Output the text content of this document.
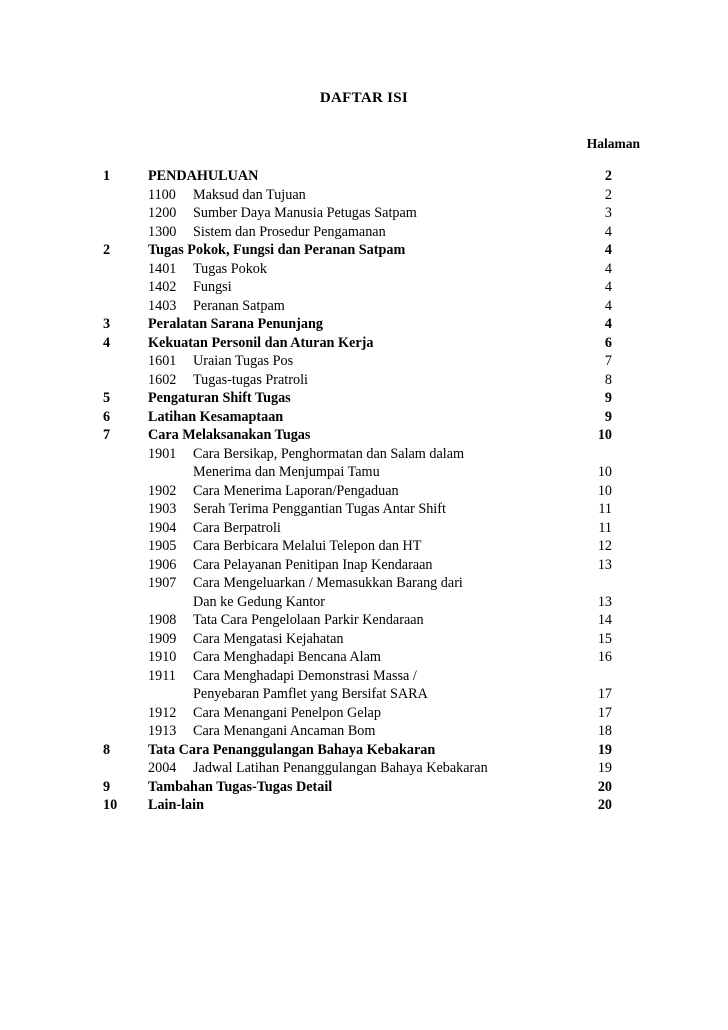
DAFTAR ISI
Halaman
1	PENDAHULUAN	2
1100	Maksud dan Tujuan	2
1200	Sumber Daya Manusia Petugas Satpam	3
1300	Sistem dan Prosedur Pengamanan	4
2	Tugas Pokok, Fungsi dan Peranan Satpam	4
1401	Tugas Pokok	4
1402	Fungsi	4
1403	Peranan Satpam	4
3	Peralatan Sarana Penunjang	4
4	Kekuatan Personil dan Aturan Kerja	6
1601	Uraian Tugas Pos	7
1602	Tugas-tugas Pratroli	8
5	Pengaturan Shift Tugas	9
6	Latihan Kesamaptaan	9
7	Cara Melaksanakan Tugas	10
1901	Cara Bersikap, Penghormatan dan Salam dalam
Menerima dan Menjumpai Tamu	10
1902	Cara Menerima Laporan/Pengaduan	10
1903	Serah Terima Penggantian Tugas Antar Shift	11
1904	Cara Berpatroli	11
1905	Cara Berbicara Melalui Telepon dan HT	12
1906	Cara Pelayanan Penitipan Inap Kendaraan	13
1907	Cara Mengeluarkan / Memasukkan Barang dari
Dan ke Gedung Kantor	13
1908	Tata Cara Pengelolaan Parkir Kendaraan	14
1909	Cara Mengatasi Kejahatan	15
1910	Cara Menghadapi Bencana Alam	16
1911	Cara Menghadapi Demonstrasi Massa /
Penyebaran Pamflet yang Bersifat SARA	17
1912	Cara Menangani Penelpon Gelap	17
1913	Cara Menangani Ancaman Bom	18
8	Tata Cara Penanggulangan Bahaya Kebakaran	19
2004	Jadwal Latihan Penanggulangan Bahaya Kebakaran	19
9	Tambahan Tugas-Tugas Detail	20
10	Lain-lain	20
